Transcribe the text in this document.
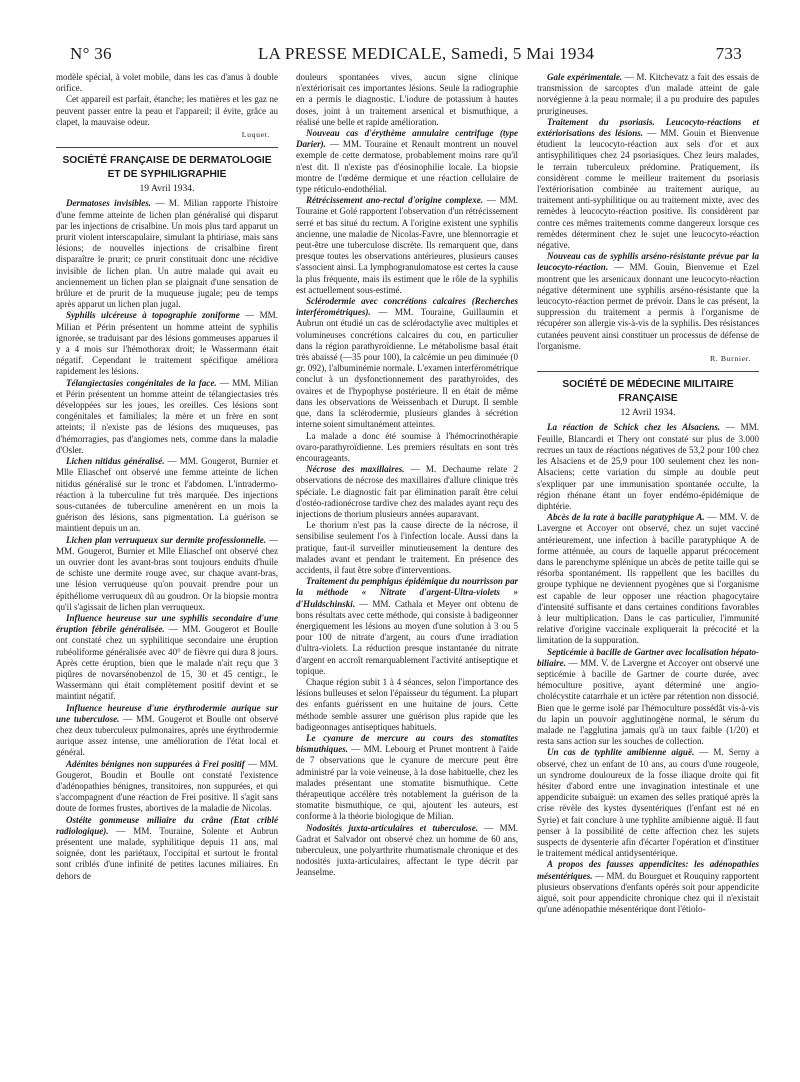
N° 36	LA PRESSE MEDICALE, Samedi, 5 Mai 1934	733

modèle spécial, à volet mobile, dans les cas d'anus à double orifice.

Cet appareil est parfait, étanche; les matières et les gaz ne peuvent passer entre la peau et l'appareil; il évite, grâce au clapet, la mauvaise odeur.

Luquet.
SOCIÉTÉ FRANÇAISE DE DERMATOLOGIE ET DE SYPHILIGRAPHIE
19 Avril 1934.

Dermatoses invisibles. — M. Milian rapporte l'histoire d'une femme atteinte de lichen plan généralisé qui disparut par les injections de crisalbine. Un mois plus tard apparut un prurit violent interscapulaire, simulant la phtiriase, mais sans lésions; de nouvelles injections de crisalbine firent disparaître le prurit; ce prurit constituait donc une récidive invisible de lichen plan. Un autre malade qui avait eu anciennement un lichen plan se plaignait d'une sensation de brûlure et de prurit de la muqueuse jugale; peu de temps après apparut un lichen plan jugal.

Syphilis ulcéreuse à topographie zoniforme — MM. Milian et Périn présentent un homme atteint de syphilis ignorée, se traduisant par des lésions gommeuses apparues il y a 4 mois sur l'hémothorax droit; le Wassermann était négatif. Cependant le traitement spécifique améliora rapidement les lésions.

Télangiectasies congénitales de la face. — MM. Milian et Périn présentent un homme atteint de télangiectasies très développées sur les joues, les oreilles. Ces lésions sont congénitales et familiales; la mère et un frère en sont atteints; il n'existe pas de lésions des muqueuses, pas d'hémorragies, pas d'angiomes nets, comme dans la maladie d'Osler.

Lichen nitidus généralisé. — MM. Gougerot, Burnier et Mlle Eliaschef ont observé une femme atteinte de lichen nitidus généralisé sur le tronc et l'abdomen. L'intradermo-réaction à la tuberculine fut très marquée. Des injections sous-cutanées de tuberculine amenèrent en un mois la guérison des lésions, sans pigmentation. La guérison se maintient depuis un an.

Lichen plan verruqueux sur dermite professionnelle. — MM. Gougerot, Burnier et Mlle Eliaschef ont observé chez un ouvrier dont les avant-bras sont toujours enduits d'huile de schiste une dermite rouge avec, sur chaque avant-bras, une lésion verruqueuse qu'on pouvait prendre pour un épithéliome verruqueux dû au goudron. Or la biopsie montra qu'il s'agissait de lichen plan verruqueux.

Influence heureuse sur une syphilis secondaire d'une éruption fébrile généralisée. — MM. Gougerot et Boulle ont constaté chez un syphilitique secondaire une éruption rubéoliforme généralisée avec 40° de fièvre qui dura 8 jours. Après cette éruption, bien que le malade n'ait reçu que 3 piqûres de novarsénobenzol de 15, 30 et 45 centigr., le Wassermann qui était complètement positif devint et se maintint négatif.

Influence heureuse d'une érythrodermie aurique sur une tuberculose. — MM. Gougerot et Boulle ont observé chez deux tuberculeux pulmonaires, après une érythrodermie aurique assez intense, une amélioration de l'état local et général.

Adénites bénignes non suppurées à Frei positif — MM. Gougerot, Boudin et Boulle ont constaté l'existence d'adénopathies bénignes, transitoires, non suppurées, et qui s'accompagnent d'une réaction de Frei positive. Il s'agit sans doute de formes frustes, abortives de la maladie de Nicolas.

Ostéite gommeuse miliaire du crâne (Etat criblé radiologique). — MM. Touraine, Solente et Aubrun présentent une malade, syphilitique depuis 11 ans, mal soignée, dont les pariétaux, l'occipital et surtout le frontal sont criblés d'une infinité de petites lacunes miliaires. En dehors de

douleurs spontanées vives, aucun signe clinique n'extériorisait ces importantes lésions. Seule la radiographie en a permis le diagnostic. L'iodure de potassium à hautes doses, joint à un traitement arsenical et bismuthique, a réalisé une belle et rapide amélioration.

Nouveau cas d'érythème annulaire centrifuge (type Darier). — MM. Touraine et Renault montrent un nouvel exemple de cette dermatose, probablement moins rare qu'il n'est dit. Il n'existe pas d'éosinophilie locale. La biopsie montre de l'œdème dermique et une réaction cellulaire de type réticulo-endothélial.

Rétrécissement ano-rectal d'origine complexe. — MM. Touraine et Golé rapportent l'observation d'un rétrécissement serré et bas situé du rectum. A l'origine existent une syphilis ancienne, une maladie de Nicolas-Favre, une blennorragie et peut-être une tuberculose discrète. Ils remarquent que, dans presque toutes les observations antérieures, plusieurs causes s'associent ainsi. La lymphogranulomatose est certes la cause la plus fréquente, mais ils estiment que le rôle de la syphilis est actuellement sous-estimé.

Sclérodermie avec concrétions calcaires (Recherches interférométriques). — MM. Touraine, Guillaumin et Aubrun ont étudié un cas de sclérodactylie avec multiples et volumineuses concrétions calcaires du cou, en particulier dans la région parathyroïdienne. Le métabolisme basal était très abaissé (—35 pour 100), la calcémie un peu diminuée (0 gr. 092), l'albuminémie normale. L'examen interférométrique conclut à un dysfonctionnement des parathyroïdes, des ovaires et de l'hypophyse postérieure. Il en était de même dans les observations de Weissenbach et Durupt. Il semble que, dans la sclérodermie, plusieurs glandes à sécrétion interne soient simultanément atteintes.

La malade a donc été soumise à l'hémocrinothérapie ovaro-parathyroïdienne. Les premiers résultats en sont très encourageants.

Nécrose des maxillaires. — M. Dechaume relate 2 observations de nécrose des maxillaires d'allure clinique très spéciale. Le diagnostic fait par élimination paraît être celui d'ostéo-radionécrose tardive chez des malades ayant reçu des injections de thorium plusieurs années auparavant.

Le thorium n'est pas la cause directe de la nécrose, il sensibilise seulement l'os à l'infection locale. Aussi dans la pratique, faut-il surveiller minutieusement la denture des malades avant et pendant le traitement. En présence des accidents, il faut être sobre d'interventions.

Traitement du pemphigus épidémique du nourrisson par la méthode « Nitrate d'argent-Ultra-violets » d'Huldschinski. — MM. Cathala et Meyer ont obtenu de bons résultats avec cette méthode, qui consiste à badigeonner énergiquement les lésions au moyen d'une solution à 3 ou 5 pour 100 de nitrate d'argent, au cours d'une irradiation d'ultra-violets. La réduction presque instantanée du nitrate d'argent en accroît remarquablement l'activité antiseptique et topique.

Chaque région subit 1 à 4 séances, selon l'importance des lésions bulleuses et selon l'épaisseur du tégument. La plupart des enfants guérissent en une huitaine de jours. Cette méthode semble assurer une guérison plus rapide que les badigeonnages antiseptiques habituels.

Le cyanure de mercure au cours des stomatites bismuthiques. — MM. Lebourg et Prunet montrent à l'aide de 7 observations que le cyanure de mercure peut être administré par la voie veineuse, à la dose habituelle, chez les malades présentant une stomatite bismuthique. Cette thérapeutique accélère très notablement la guérison de la stomatite bismuthique, ce qui, ajoutent les auteurs, est conforme à la théorie biologique de Milian.

Nodosités juxta-articulaires et tuberculose. — MM. Gadrat et Salvador ont observé chez un homme de 60 ans, tuberculeux, une polyarthrite rhumatismale chronique et des nodosités juxta-articulaires, affectant le type décrit par Jeanselme.

Gale expérimentale. — M. Kitchevatz a fait des essais de transmission de sarcoptes d'un malade atteint de gale norvégienne à la peau normale; il a pu produire des papules prurigineuses.

Traitement du psoriasis. Leucocyto-réactions et extériorisations des lésions. — MM. Gouin et Bienvenue étudient la leucocyto-réaction aux sels d'or et aux antisyphilitiques chez 24 psoriasiques. Chez leurs malades, le terrain tuberculeux prédomine. Pratiquement, ils considèrent comme le meilleur traitement du psoriasis l'extériorisation combinée au traitement aurique, au traitement anti-syphilitique ou au traitement mixte, avec des remèdes à leucocyto-réaction positive. Ils considèrent par contre ces mêmes traitements comme dangereux lorsque ces remèdes déterminent chez le sujet une leucocyto-réaction négative.

Nouveau cas de syphilis arséno-résistante prévue par la leucocyto-réaction. — MM. Gouin, Bienvenue et Ezel montrent que les arsenicaux donnant une leucocyto-réaction négative déterminent une syphilis arséno-résistante que la leucocyto-réaction permet de prévoir. Dans le cas présent, la suppression du traitement a permis à l'organisme de récupérer son allergie vis-à-vis de la syphilis. Des résistances cutanées peuvent ainsi constituer un processus de défense de l'organisme.

R. Burnier.
SOCIÉTÉ DE MÉDECINE MILITAIRE FRANÇAISE
12 Avril 1934.

La réaction de Schick chez les Alsaciens. — MM. Feuille, Blancardi et Thery ont constaté sur plus de 3.000 recrues un taux de réactions négatives de 53,2 pour 100 chez les Alsaciens et de 25,9 pour 100 seulement chez les non-Alsaciens; cette variation du simple au double peut s'expliquer par une immunisation spontanée occulte, la région rhénane étant un foyer endémo-épidémique de diphtérie.

Abcès de la rate à bacille paratyphique A. — MM. V. de Lavergne et Accoyer ont observé, chez un sujet vacciné antérieurement, une infection à bacille paratyphique A de forme atténuée, au cours de laquelle apparut précocement dans le parenchyme splénique un abcès de petite taille qui se résorba spontanément. Ils rappellent que les bacilles du groupe typhique ne deviennent pyogènes que si l'organisme est capable de leur opposer une réaction phagocytaire d'intensité suffisante et dans certaines conditions favorables à leur multiplication. Dans le cas particulier, l'immunité relative d'origine vaccinale expliquerait la précocité et la limitation de la suppuration.

Septicémie à bacille de Gartner avec localisation hépato-biliaire. — MM. V. de Lavergne et Accoyer ont observé une septicémie à bacille de Gartner de courte durée, avec hémoculture positive, ayant déterminé une angio-cholécystite catarrhale et un ictère par rétention non dissocié. Bien que le germe isolé par l'hémoculture possédât vis-à-vis du lapin un pouvoir agglutinogène normal, le sérum du malade ne l'agglutina jamais qu'à un taux faible (1/20) et resta sans action sur les souches de collection.

Un cas de typhlite amibienne aiguë. — M. Serny a observé, chez un enfant de 10 ans, au cours d'une rougeole, un syndrome douloureux de la fosse iliaque droite qui fit hésiter d'abord entre une invagination intestinale et une appendicite subaiguë: un examen des selles pratiqué après la crise révèle des kystes dysentériques (l'enfant est né en Syrie) et fait conclure à une typhlite amibienne aiguë. Il faut penser à la possibilité de cette affection chez les sujets suspects de dysenterie afin d'écarter l'opération et d'instituer le traitement médical antidysentérique.

A propos des fausses appendicites: les adénopathies mésentériques. — MM. du Bourguet et Rouquiny rapportent plusieurs observations d'enfants opérés soit pour appendicite aiguë, soit pour appendicite chronique chez qui il n'existait qu'une adénopathie mésentérique dont l'étiolo-
